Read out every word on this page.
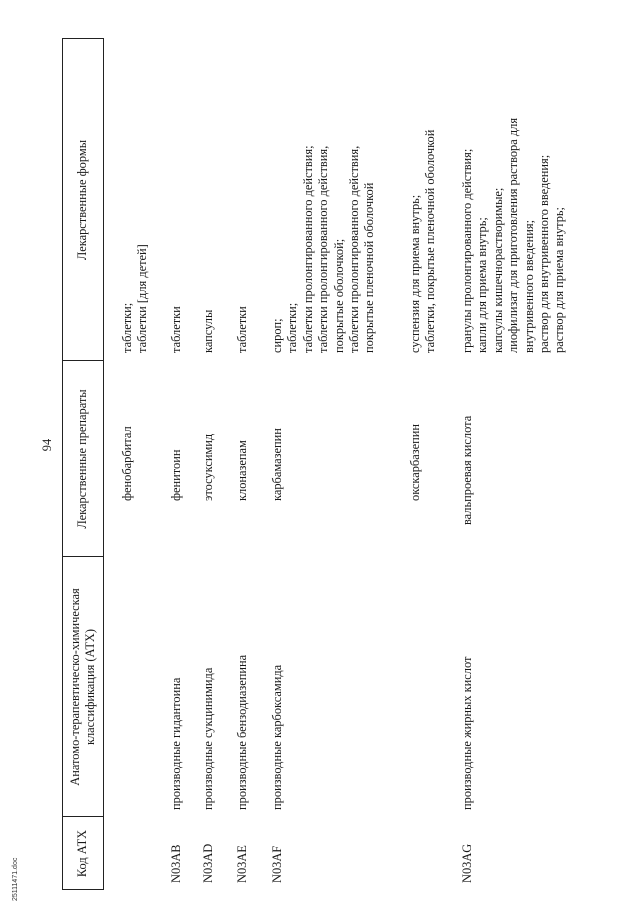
25111471.doc
94
Код АТХ
Анатомо-терапевтическо-химическая классификация (АТХ)
Лекарственные препараты
Лекарственные формы
фенобарбитал
таблетки; таблетки [для детей]
N03AB
производные гидантоина
фенитоин
таблетки
N03AD
производные сукцинимида
этосуксимид
капсулы
N03AE
производные бензодиазепина
клоназепам
таблетки
N03AF
производные карбоксамида
карбамазепин
сироп; таблетки; таблетки пролонгированного действия; таблетки пролонгированного действия, покрытые оболочкой; таблетки пролонгированного действия, покрытые пленочной оболочкой
окскарбазепин
суспензия для приема внутрь; таблетки, покрытые пленочной оболочкой
N03AG
производные жирных кислот
вальпроевая кислота
гранулы пролонгированного действия; капли для приема внутрь; капсулы кишечнорастворимые; лиофилизат для приготовления раствора для внутривенного введения; раствор для внутривенного введения; раствор для приема внутрь;
